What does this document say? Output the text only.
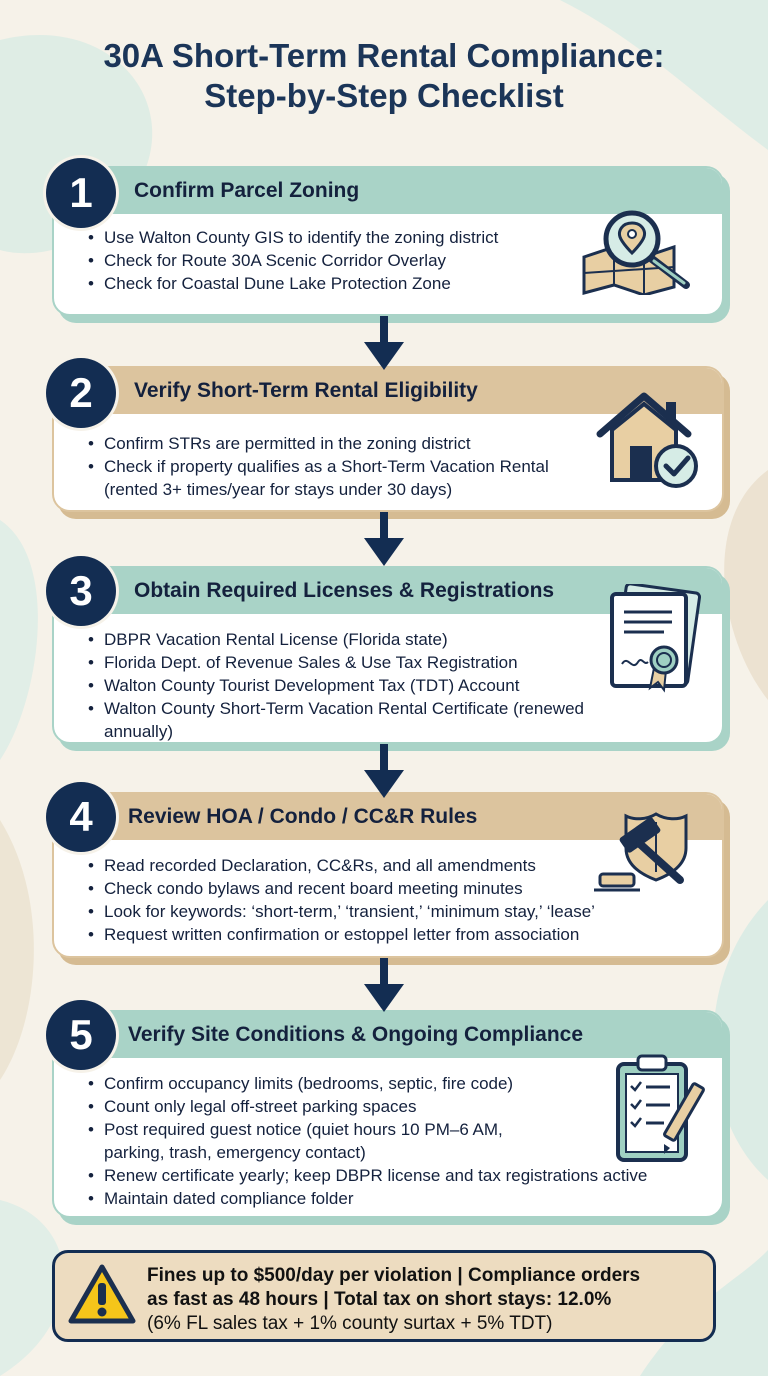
30A Short-Term Rental Compliance:
Step-by-Step Checklist
1	Confirm Parcel Zoning
• Use Walton County GIS to identify the zoning district
• Check for Route 30A Scenic Corridor Overlay
• Check for Coastal Dune Lake Protection Zone
2	Verify Short-Term Rental Eligibility
• Confirm STRs are permitted in the zoning district
• Check if property qualifies as a Short-Term Vacation Rental (rented 3+ times/year for stays under 30 days)
3	Obtain Required Licenses & Registrations
• DBPR Vacation Rental License (Florida state)
• Florida Dept. of Revenue Sales & Use Tax Registration
• Walton County Tourist Development Tax (TDT) Account
• Walton County Short-Term Vacation Rental Certificate (renewed annually)
4	Review HOA / Condo / CC&R Rules
• Read recorded Declaration, CC&Rs, and all amendments
• Check condo bylaws and recent board meeting minutes
• Look for keywords: ‘short-term,’ ‘transient,’ ‘minimum stay,’ ‘lease’
• Request written confirmation or estoppel letter from association
5	Verify Site Conditions & Ongoing Compliance
• Confirm occupancy limits (bedrooms, septic, fire code)
• Count only legal off-street parking spaces
• Post required guest notice (quiet hours 10 PM–6 AM, parking, trash, emergency contact)
• Renew certificate yearly; keep DBPR license and tax registrations active
• Maintain dated compliance folder
Fines up to $500/day per violation | Compliance orders
as fast as 48 hours | Total tax on short stays: 12.0%
(6% FL sales tax + 1% county surtax + 5% TDT)
